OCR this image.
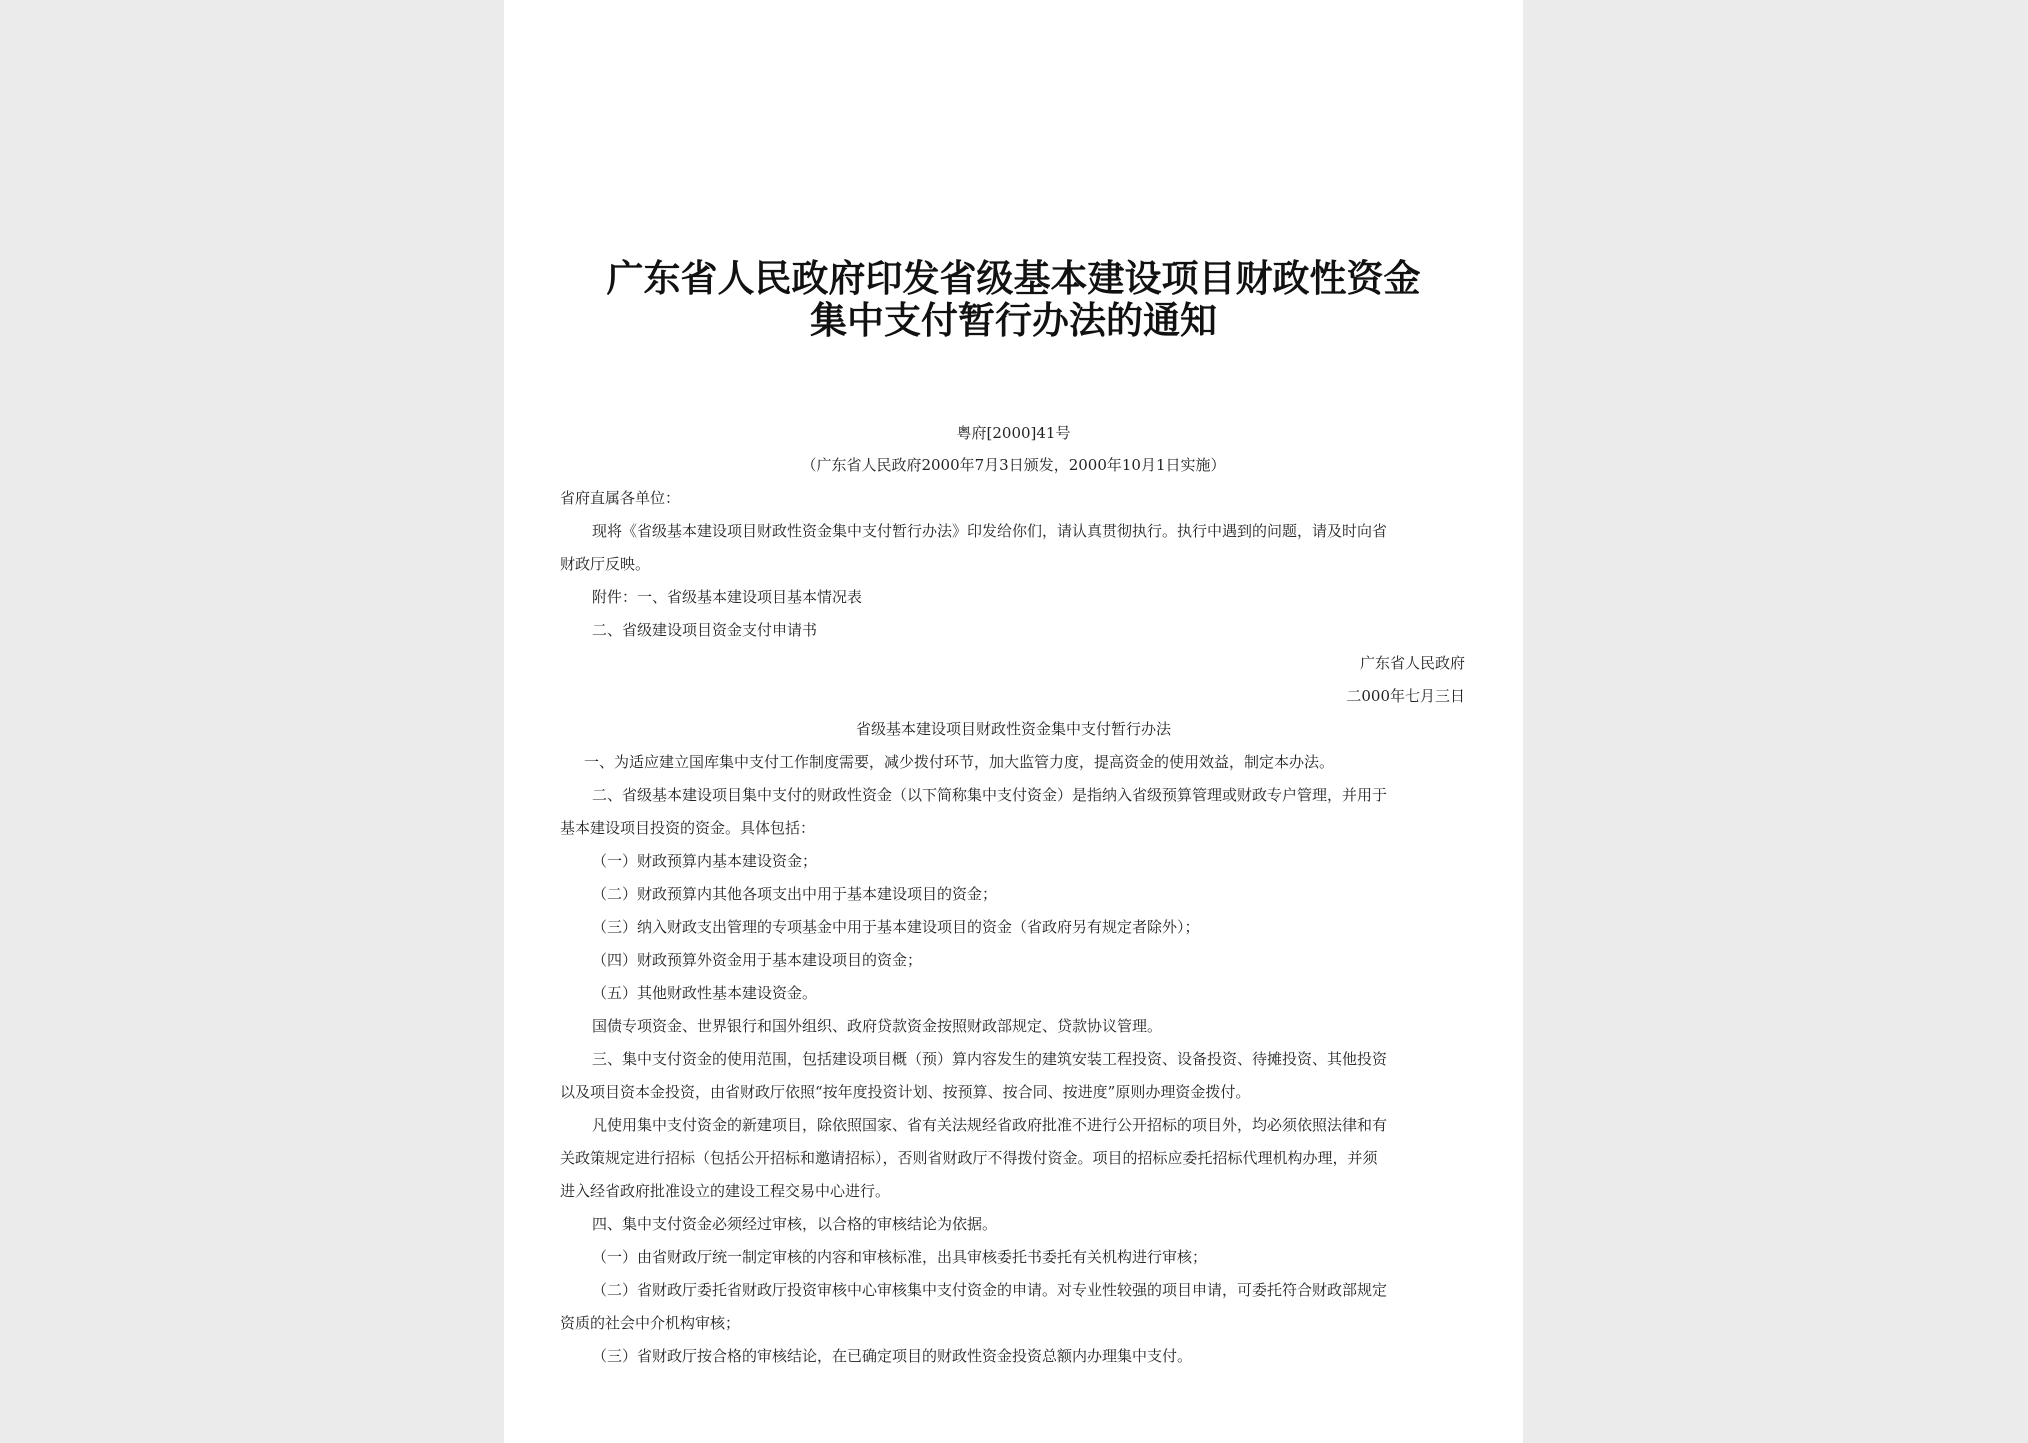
广东省人民政府印发省级基本建设项目财政性资金集中支付暂行办法的通知
粤府[2000]41号
（广东省人民政府2000年7月3日颁发，2000年10月1日实施）
省府直属各单位：
现将《省级基本建设项目财政性资金集中支付暂行办法》印发给你们，请认真贯彻执行。执行中遇到的问题，请及时向省
财政厅反映。
附件：一、省级基本建设项目基本情况表
二、省级建设项目资金支付申请书
广东省人民政府
二000年七月三日
省级基本建设项目财政性资金集中支付暂行办法
一、为适应建立国库集中支付工作制度需要，减少拨付环节，加大监管力度，提高资金的使用效益，制定本办法。
二、省级基本建设项目集中支付的财政性资金（以下简称集中支付资金）是指纳入省级预算管理或财政专户管理，并用于
基本建设项目投资的资金。具体包括：
（一）财政预算内基本建设资金；
（二）财政预算内其他各项支出中用于基本建设项目的资金；
（三）纳入财政支出管理的专项基金中用于基本建设项目的资金（省政府另有规定者除外）；
（四）财政预算外资金用于基本建设项目的资金；
（五）其他财政性基本建设资金。
国债专项资金、世界银行和国外组织、政府贷款资金按照财政部规定、贷款协议管理。
三、集中支付资金的使用范围，包括建设项目概（预）算内容发生的建筑安装工程投资、设备投资、待摊投资、其他投资
以及项目资本金投资，由省财政厅依照“按年度投资计划、按预算、按合同、按进度”原则办理资金拨付。
凡使用集中支付资金的新建项目，除依照国家、省有关法规经省政府批准不进行公开招标的项目外，均必须依照法律和有
关政策规定进行招标（包括公开招标和邀请招标），否则省财政厅不得拨付资金。项目的招标应委托招标代理机构办理，并须
进入经省政府批准设立的建设工程交易中心进行。
四、集中支付资金必须经过审核，以合格的审核结论为依据。
（一）由省财政厅统一制定审核的内容和审核标准，出具审核委托书委托有关机构进行审核；
（二）省财政厅委托省财政厅投资审核中心审核集中支付资金的申请。对专业性较强的项目申请，可委托符合财政部规定
资质的社会中介机构审核；
（三）省财政厅按合格的审核结论，在已确定项目的财政性资金投资总额内办理集中支付。
